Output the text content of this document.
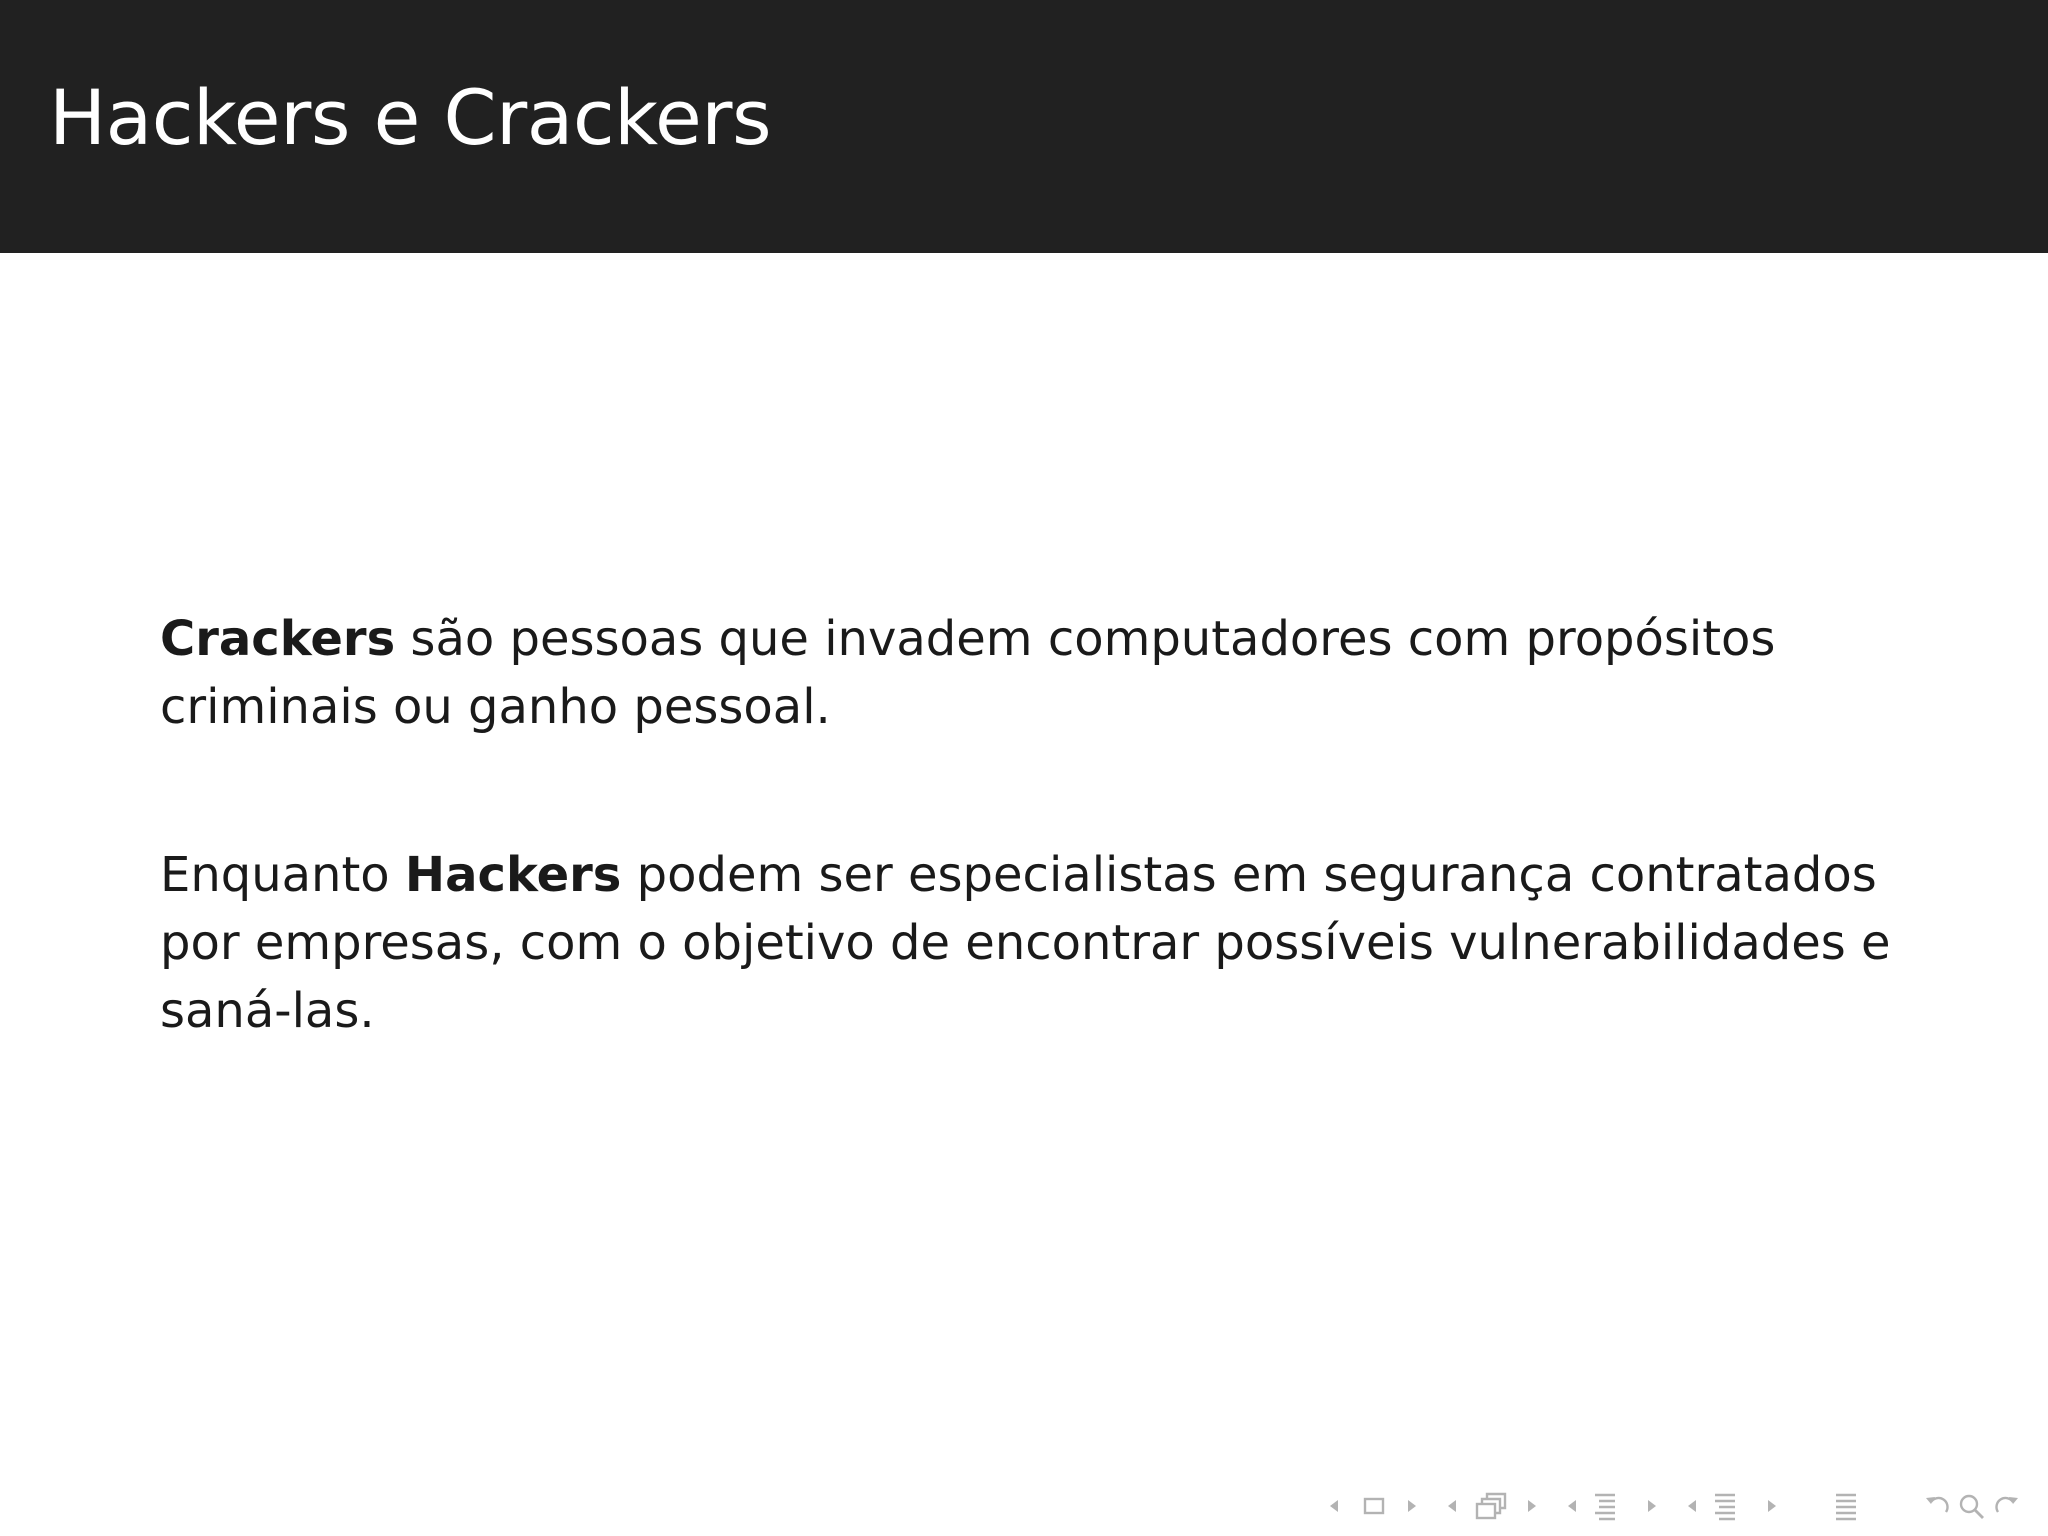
Hackers e Crackers

Crackers são pessoas que invadem computadores com propósitos criminais ou ganho pessoal.

Enquanto Hackers podem ser especialistas em segurança contratados por empresas, com o objetivo de encontrar possíveis vulnerabilidades e saná-las.
